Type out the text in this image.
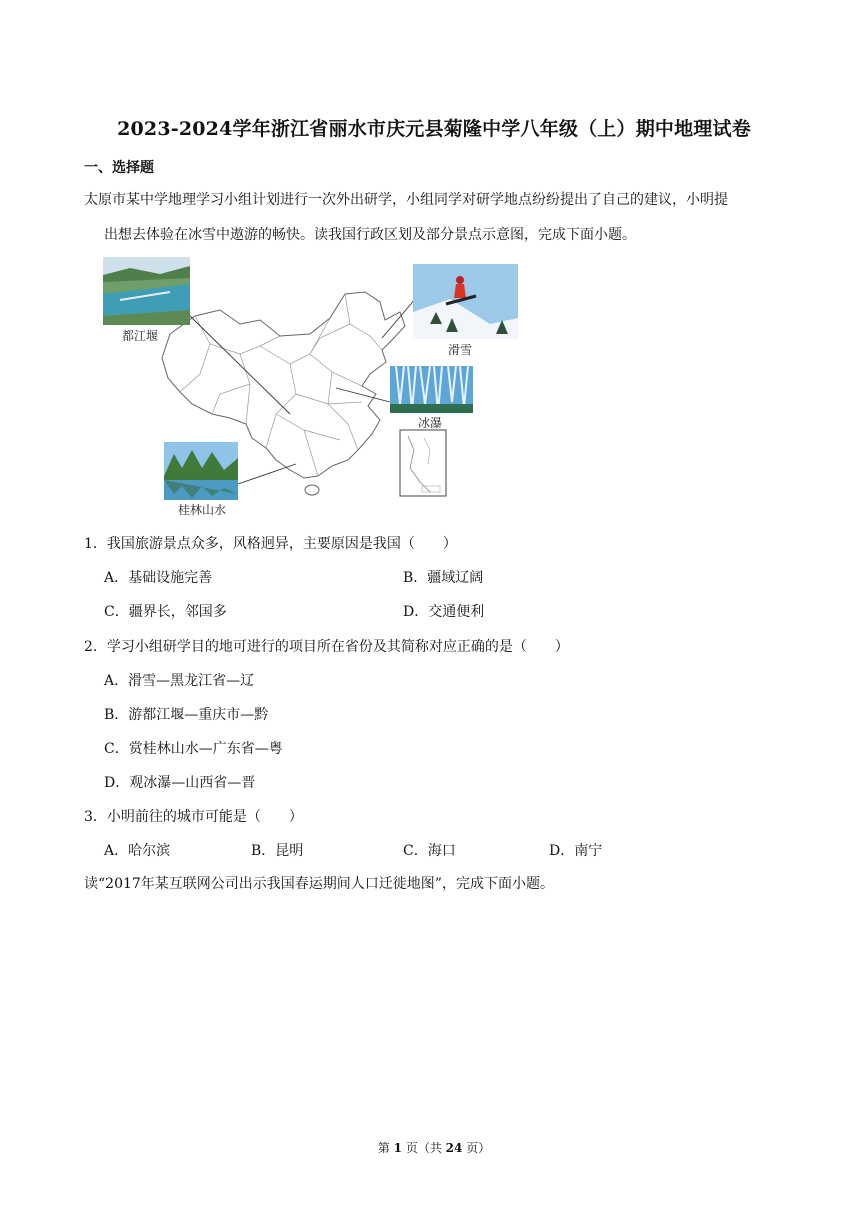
2023-2024学年浙江省丽水市庆元县菊隆中学八年级（上）期中地理试卷
一、选择题
太原市某中学地理学习小组计划进行一次外出研学，小组同学对研学地点纷纷提出了自己的建议，小明提
出想去体验在冰雪中遨游的畅快。读我国行政区划及部分景点示意图，完成下面小题。
都江堰
滑雪
冰瀑
桂林山水
1．我国旅游景点众多，风格迥异，主要原因是我国（　　）
A．基础设施完善	B．疆域辽阔
C．疆界长，邻国多	D．交通便利
2．学习小组研学目的地可进行的项目所在省份及其简称对应正确的是（　　）
A．滑雪—黑龙江省—辽
B．游都江堰—重庆市—黔
C．赏桂林山水—广东省—粤
D．观冰瀑—山西省—晋
3．小明前往的城市可能是（　　）
A．哈尔滨	B．昆明	C．海口	D．南宁
读“2017年某互联网公司出示我国春运期间人口迁徙地图”，完成下面小题。
第 1 页（共 24 页）
